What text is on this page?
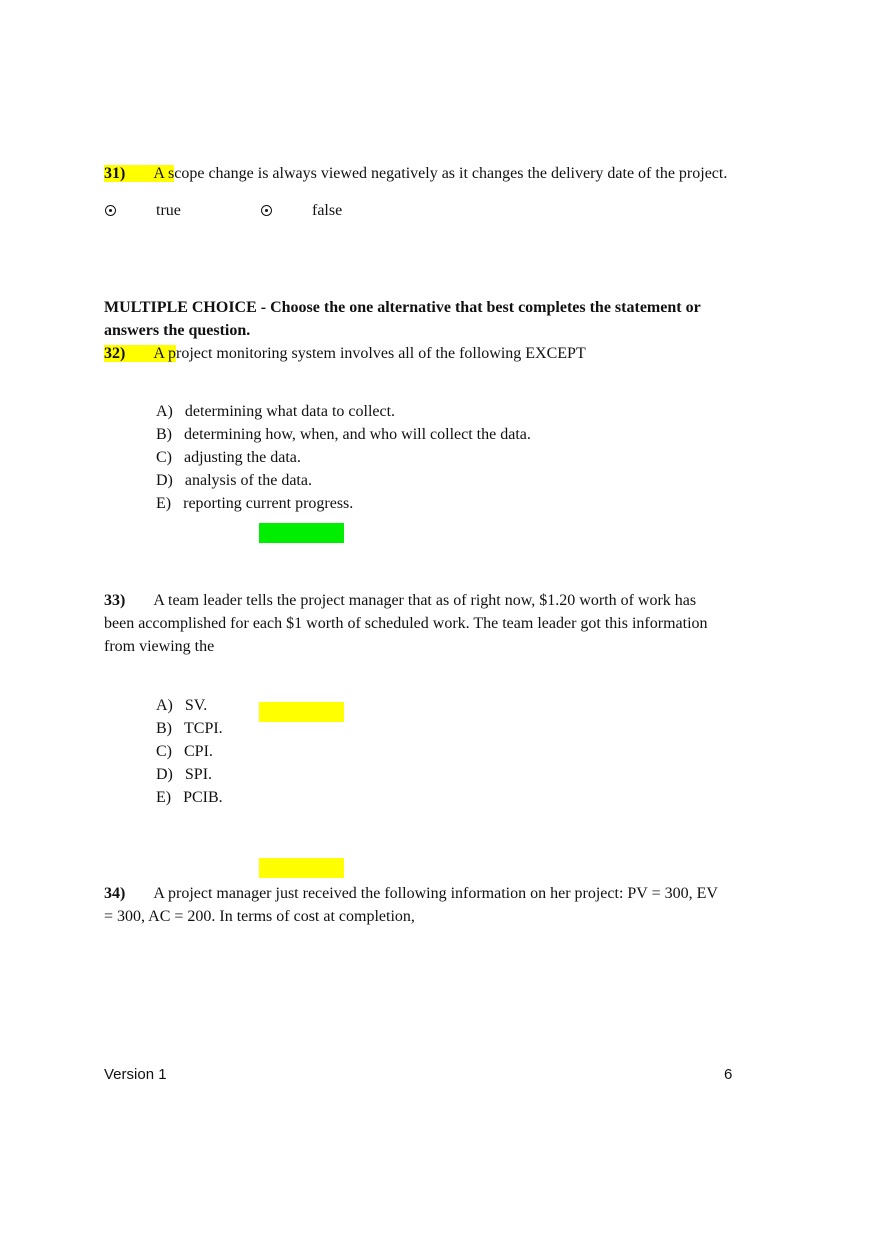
31) A scope change is always viewed negatively as it changes the delivery date of the project.
true	false
MULTIPLE CHOICE - Choose the one alternative that best completes the statement or
answers the question.
32) A project monitoring system involves all of the following EXCEPT
A) determining what data to collect.
B) determining how, when, and who will collect the data.
C) adjusting the data.
D) analysis of the data.
E) reporting current progress.
33) A team leader tells the project manager that as of right now, $1.20 worth of work has
been accomplished for each $1 worth of scheduled work. The team leader got this information
from viewing the
A) SV.
B) TCPI.
C) CPI.
D) SPI.
E) PCIB.
34) A project manager just received the following information on her project: PV = 300, EV
= 300, AC = 200. In terms of cost at completion,
Version 1	6
